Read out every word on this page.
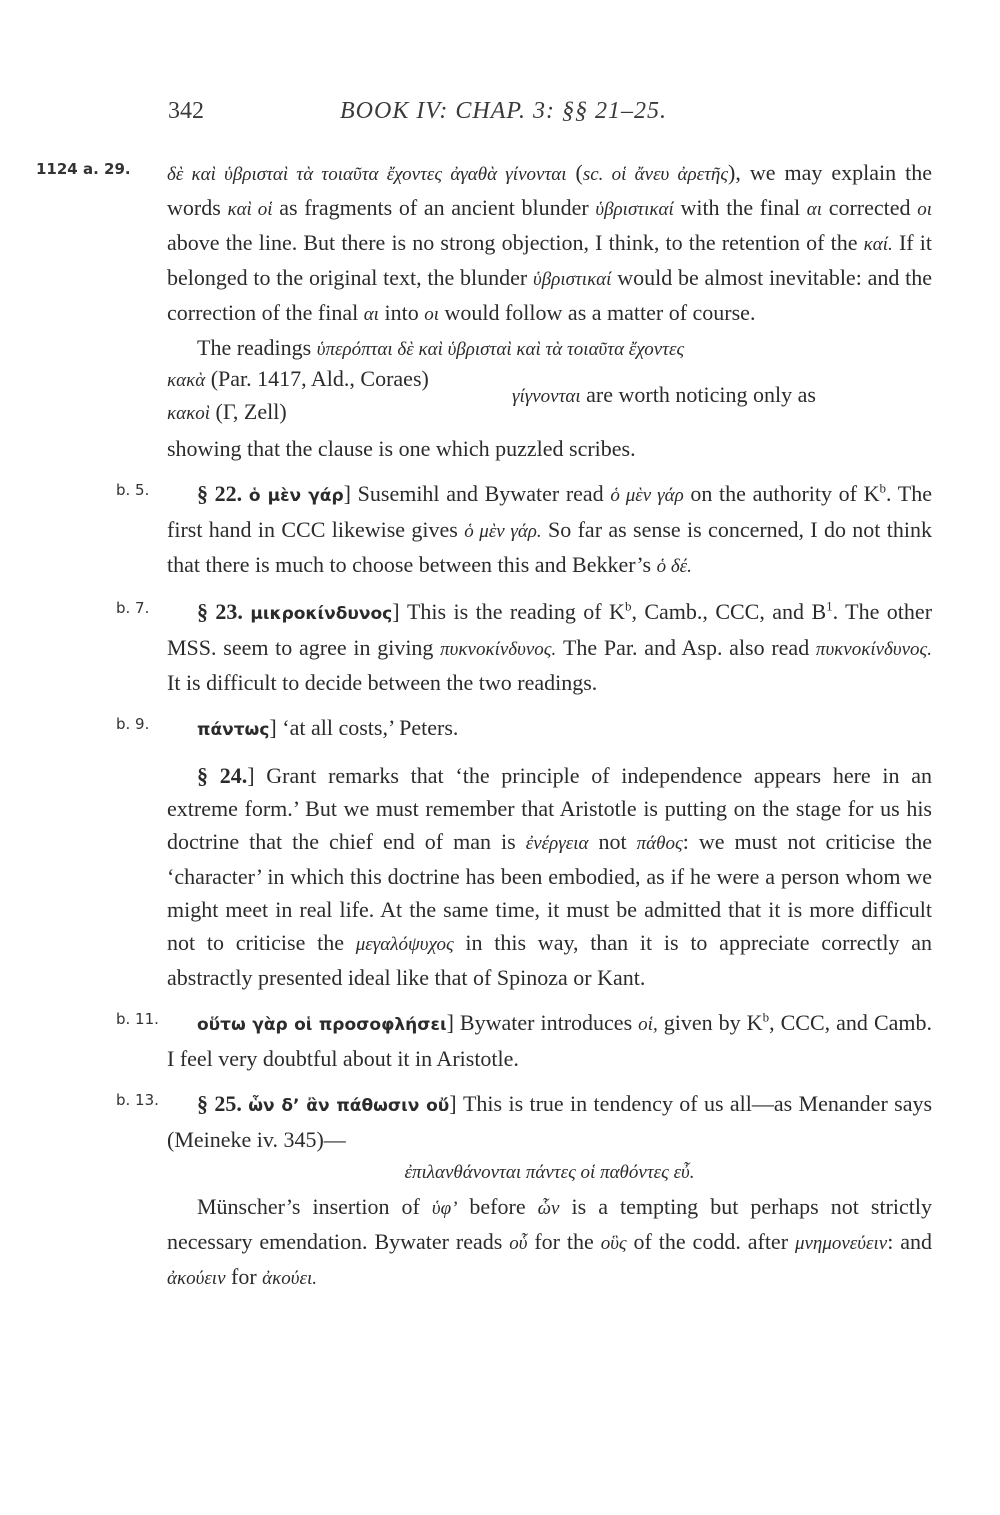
342	BOOK IV: CHAP. 3: §§ 21–25.
1124 a. 29. δὲ καὶ ὑβρισταὶ τὰ τοιαῦτα ἔχοντες ἀγαθὰ γίνονται (sc. οἱ ἄνευ ἀρετῆς), we may explain the words καὶ οἱ as fragments of an ancient blunder ὑβριστικαί with the final αι corrected οι above the line. But there is no strong objection, I think, to the retention of the καί. If it belonged to the original text, the blunder ὑβριστικαί would be almost inevitable: and the correction of the final αι into οι would follow as a matter of course.
The readings ὑπερόπται δὲ καὶ ὑβρισταὶ καὶ τὰ τοιαῦτα ἔχοντες
κακὰ (Par. 1417, Ald., Coraes)
κακοὶ (Γ, Zell)
γίγνονται are worth noticing only as
showing that the clause is one which puzzled scribes.
b. 5.	§ 22. ὁ μὲν γάρ] Susemihl and Bywater read ὁ μὲν γάρ on the authority of $K^b$. The first hand in CCC likewise gives ὁ μὲν γάρ. So far as sense is concerned, I do not think that there is much to choose between this and Bekker’s ὁ δέ.
b. 7.	§ 23. μικροκίνδυνος] This is the reading of $K^b$, Camb., CCC, and $B^1$. The other MSS. seem to agree in giving πυκνοκίνδυνος. The Par. and Asp. also read πυκνοκίνδυνος. It is difficult to decide between the two readings.
b. 9.	πάντως] ‘at all costs,’ Peters.
§ 24.] Grant remarks that ‘the principle of independence appears here in an extreme form.’ But we must remember that Aristotle is putting on the stage for us his doctrine that the chief end of man is ἐνέργεια not πάθος: we must not criticise the ‘character’ in which this doctrine has been embodied, as if he were a person whom we might meet in real life. At the same time, it must be admitted that it is more difficult not to criticise the μεγαλόψυχος in this way, than it is to appreciate correctly an abstractly presented ideal like that of Spinoza or Kant.
b. 11.	οὕτω γὰρ οἱ προσοφλήσει] Bywater introduces οἱ, given by $K^b$, CCC, and Camb. I feel very doubtful about it in Aristotle.
b. 13.	§ 25. ὧν δ’ ἂν πάθωσιν οὔ] This is true in tendency of us all—as Menander says (Meineke iv. 345)—
ἐπιλανθάνονται πάντες οἱ παθόντες εὖ.
Münscher’s insertion of ὑφ’ before ὧν is a tempting but perhaps not strictly necessary emendation. Bywater reads οὗ for the οὓς of the codd. after μνημονεύειν: and ἀκούειν for ἀκούει.
